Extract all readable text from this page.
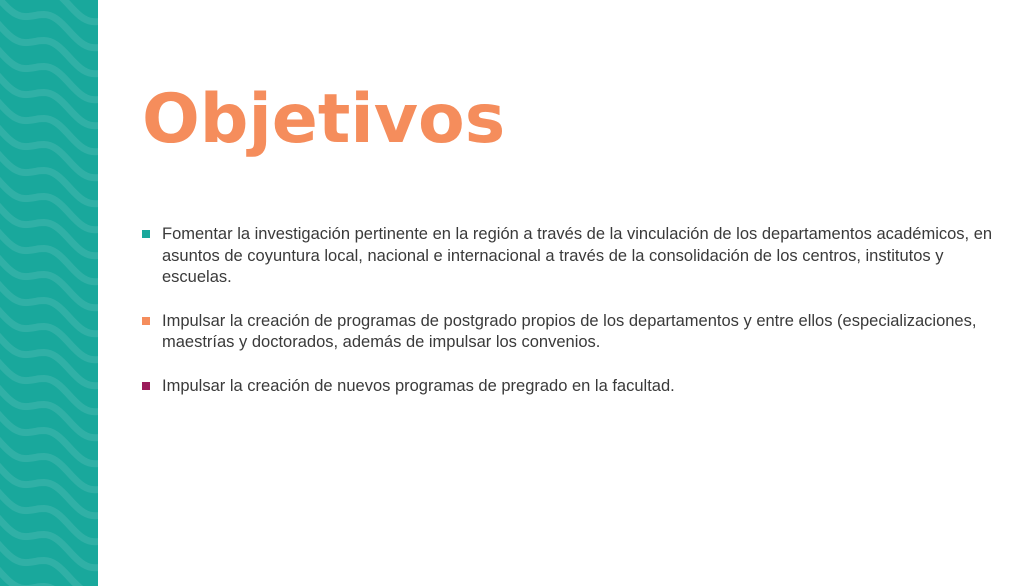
Objetivos
Fomentar la investigación pertinente en la región a través de la vinculación de los departamentos académicos, en asuntos de coyuntura local, nacional e internacional a través de la consolidación de los centros, institutos y escuelas.
Impulsar la creación de programas de postgrado propios de los departamentos y entre ellos (especializaciones, maestrías y doctorados, además de impulsar los convenios.
Impulsar la creación de nuevos programas de pregrado en la facultad.
